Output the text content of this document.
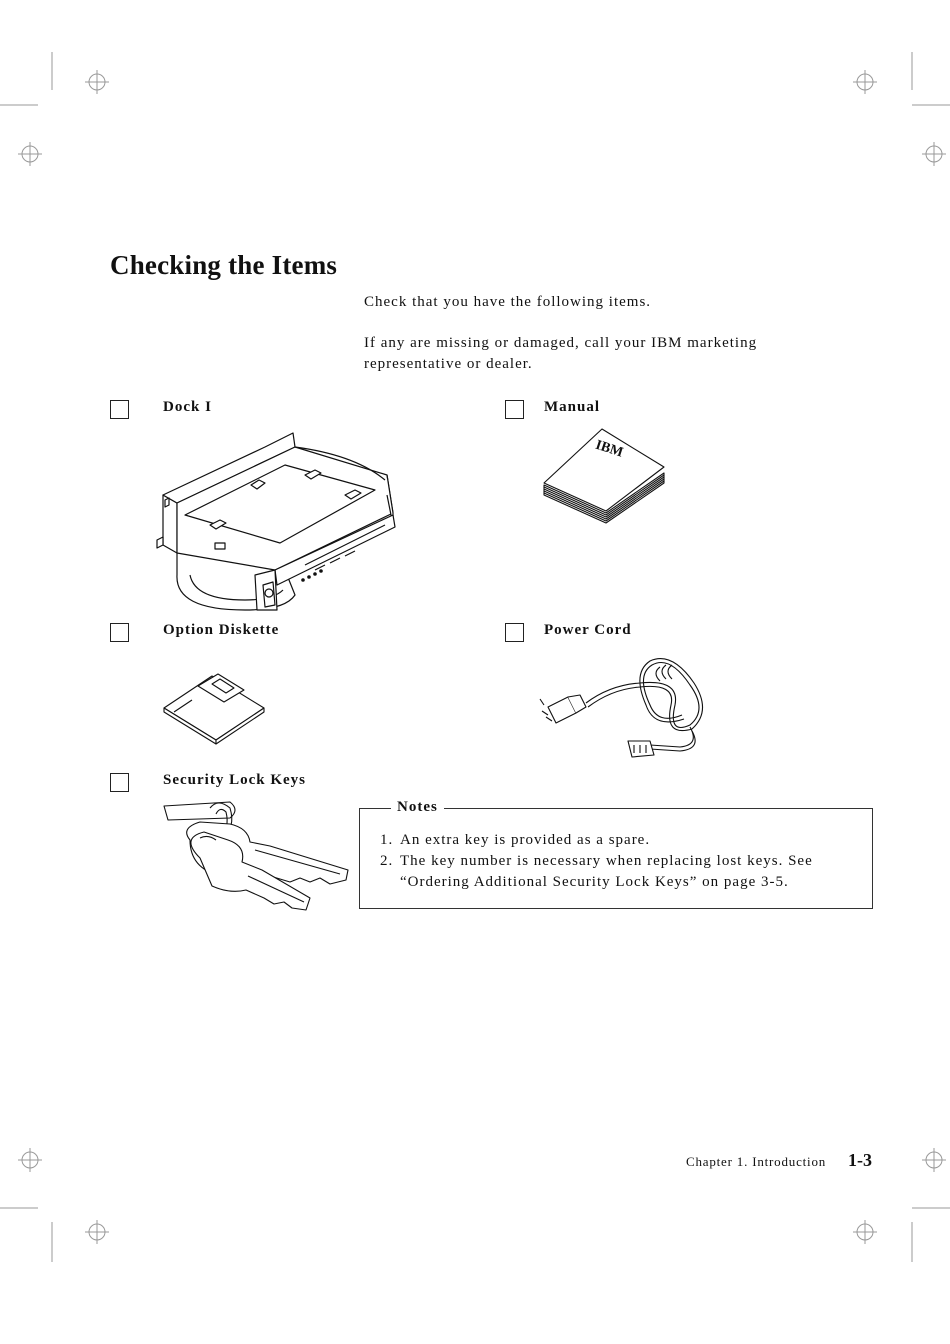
Checking the Items
Check that you have the following items.
If any are missing or damaged, call your IBM marketing
representative or dealer.
Dock I	Manual
Option Diskette	Power Cord
Security Lock Keys
IBM
Notes
1. An extra key is provided as a spare.
2. The key number is necessary when replacing lost keys. See
“Ordering Additional Security Lock Keys” on page 3-5.
Chapter 1. Introduction 1-3
